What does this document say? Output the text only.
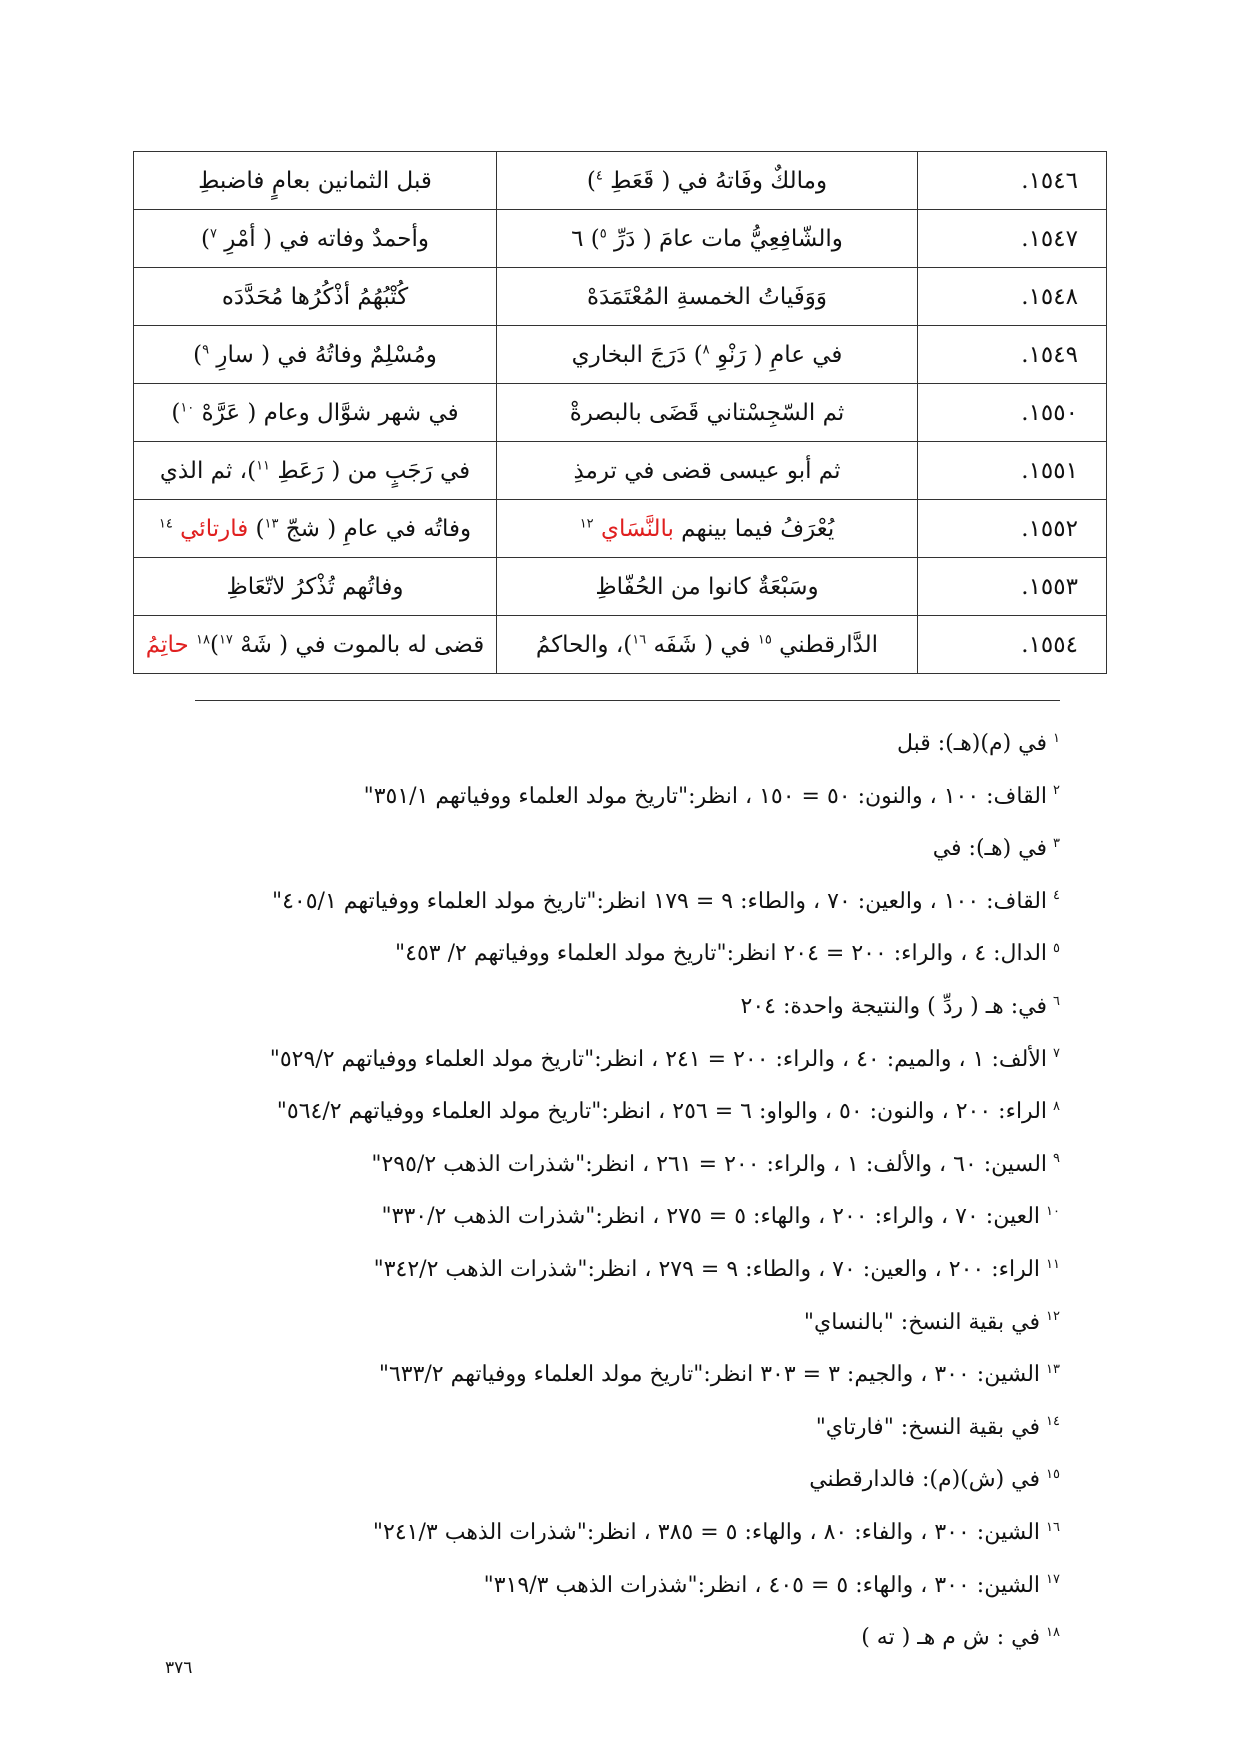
١٥٤٦.	ومالكٌ وفَاتهُ في ( قَعَطِ $^٤$)	قبل الثمانين بعامٍ فاضبطِ
١٥٤٧.	والشّافِعِيُّ مات عامَ ( دَرِّ $^٥$) ٦	وأحمدٌ وفاته في ( أمْرِ $^٧$)
١٥٤٨.	وَوَفَياتُ الخمسةِ المُعْتَمَدَهْ	كُتْبُهُمُ أذْكُرُها مُحَدَّدَه
١٥٤٩.	في عامِ ( رَنْوِ $^٨$) دَرَجَ البخاري	ومُسْلِمٌ وفاتُهُ في ( سارِ $^٩$)
١٥٥٠.	ثم السّجِسْتاني قَضَى بالبصرةْ	في شهر شوَّال وعام ( عَرَّهْ $^{١٠}$)
١٥٥١.	ثم أبو عيسى قضى في ترمذِ	في رَجَبٍ من ( رَعَطِ $^{١١}$)، ثم الذي
١٥٥٢.	يُعْرَفُ فيما بينهم بالنَّسَاي $^{١٢}$	وفاتُه في عامِ ( شجّ $^{١٣}$) فارتائي $^{١٤}$
١٥٥٣.	وسَبْعَةٌ كانوا من الحُفّاظِ	وفاتُهم تُذْكرُ لاتّعَاظِ
١٥٥٤.	الدَّارقطني $^{١٥}$ في ( شَفَه $^{١٦}$)، والحاكمُ	قضى له بالموت في ( شَهْ $^{١٧}$)$^{١٨}$ حاتِمُ
$^١$في (م)(هـ): قبل
$^٢$القاف: ١٠٠ ، والنون: ٥٠ = ١٥٠ ، انظر:"تاريخ مولد العلماء ووفياتهم ٣٥١/١"
$^٣$في (هـ): في
$^٤$القاف: ١٠٠ ، والعين: ٧٠ ، والطاء: ٩ = ١٧٩ انظر:"تاريخ مولد العلماء ووفياتهم ٤٠٥/١"
$^٥$الدال: ٤ ، والراء: ٢٠٠ = ٢٠٤ انظر:"تاريخ مولد العلماء ووفياتهم ٢/ ٤٥٣"
$^٦$في: هـ ( ردِّ ) والنتيجة واحدة: ٢٠٤
$^٧$الألف: ١ ، والميم: ٤٠ ، والراء: ٢٠٠ = ٢٤١ ، انظر:"تاريخ مولد العلماء ووفياتهم ٥٢٩/٢"
$^٨$الراء: ٢٠٠ ، والنون: ٥٠ ، والواو: ٦ = ٢٥٦ ، انظر:"تاريخ مولد العلماء ووفياتهم ٥٦٤/٢"
$^٩$السين: ٦٠ ، والألف: ١ ، والراء: ٢٠٠ = ٢٦١ ، انظر:"شذرات الذهب ٢٩٥/٢"
$^{١٠}$العين: ٧٠ ، والراء: ٢٠٠ ، والهاء: ٥ = ٢٧٥ ، انظر:"شذرات الذهب ٣٣٠/٢"
$^{١١}$الراء: ٢٠٠ ، والعين: ٧٠ ، والطاء: ٩ = ٢٧٩ ، انظر:"شذرات الذهب ٣٤٢/٢"
$^{١٢}$في بقية النسخ: "بالنساي"
$^{١٣}$الشين: ٣٠٠ ، والجيم: ٣ = ٣٠٣ انظر:"تاريخ مولد العلماء ووفياتهم ٦٣٣/٢"
$^{١٤}$في بقية النسخ: "فارتاي"
$^{١٥}$في (ش)(م): فالدارقطني
$^{١٦}$الشين: ٣٠٠ ، والفاء: ٨٠ ، والهاء: ٥ = ٣٨٥ ، انظر:"شذرات الذهب ٢٤١/٣"
$^{١٧}$الشين: ٣٠٠ ، والهاء: ٥ = ٤٠٥ ، انظر:"شذرات الذهب ٣١٩/٣"
$^{١٨}$في : ش م هـ ( ته )
٣٧٦
